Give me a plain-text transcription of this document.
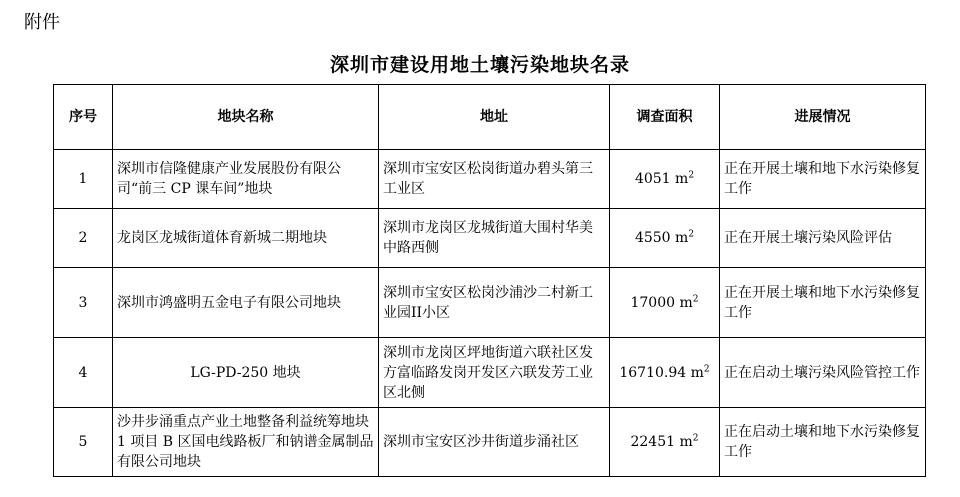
附件
深圳市建设用地土壤污染地块名录
序号	地块名称	地址	调查面积	进展情况
1	深圳市信隆健康产业发展股份有限公司“前三 CP 课车间”地块	深圳市宝安区松岗街道办碧头第三工业区	4051 $m^2$	正在开展土壤和地下水污染修复工作
2	龙岗区龙城街道体育新城二期地块	深圳市龙岗区龙城街道大围村华美中路西侧	4550 $m^2$	正在开展土壤污染风险评估
3	深圳市鸿盛明五金电子有限公司地块	深圳市宝安区松岗沙浦沙二村新工业园II小区	17000 $m^2$	正在开展土壤和地下水污染修复工作
4	LG-PD-250 地块	深圳市龙岗区坪地街道六联社区发方富临路发岗开发区六联发芳工业区北侧	16710.94 $m^2$	正在启动土壤污染风险管控工作
5	沙井步涌重点产业土地整备利益统筹地块 1 项目 B 区国电线路板厂和钠谱金属制品有限公司地块	深圳市宝安区沙井街道步涌社区	22451 $m^2$	正在启动土壤和地下水污染修复工作
